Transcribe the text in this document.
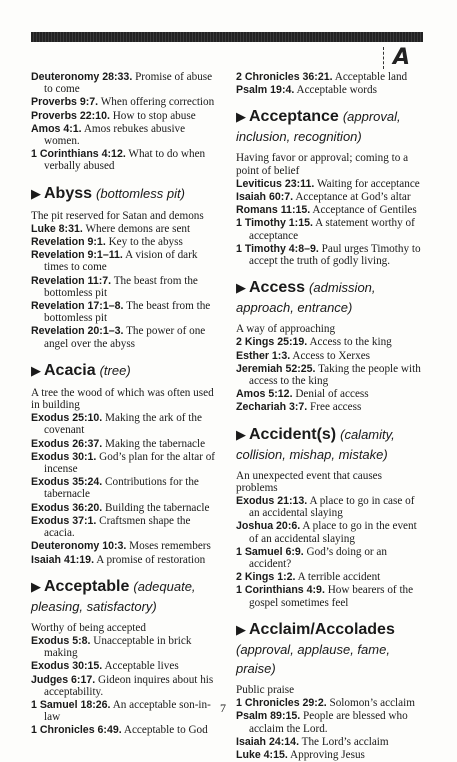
A
Deuteronomy 28:33. Promise of abuse to come
Proverbs 9:7. When offering correction
Proverbs 22:10. How to stop abuse
Amos 4:1. Amos rebukes abusive women.
1 Corinthians 4:12. What to do when verbally abused
▶ Abyss (bottomless pit)
The pit reserved for Satan and demons
Luke 8:31. Where demons are sent
Revelation 9:1. Key to the abyss
Revelation 9:1–11. A vision of dark times to come
Revelation 11:7. The beast from the bottomless pit
Revelation 17:1–8. The beast from the bottomless pit
Revelation 20:1–3. The power of one angel over the abyss
▶ Acacia (tree)
A tree the wood of which was often used in building
Exodus 25:10. Making the ark of the covenant
Exodus 26:37. Making the tabernacle
Exodus 30:1. God’s plan for the altar of incense
Exodus 35:24. Contributions for the tabernacle
Exodus 36:20. Building the tabernacle
Exodus 37:1. Craftsmen shape the acacia.
Deuteronomy 10:3. Moses remembers
Isaiah 41:19. A promise of restoration
▶ Acceptable (adequate, pleasing, satisfactory)
Worthy of being accepted
Exodus 5:8. Unacceptable in brick making
Exodus 30:15. Acceptable lives
Judges 6:17. Gideon inquires about his acceptability.
1 Samuel 18:26. An acceptable son-in-law
1 Chronicles 6:49. Acceptable to God
2 Chronicles 36:21. Acceptable land
Psalm 19:4. Acceptable words
▶ Acceptance (approval, inclusion, recognition)
Having favor or approval; coming to a point of belief
Leviticus 23:11. Waiting for acceptance
Isaiah 60:7. Acceptance at God’s altar
Romans 11:15. Acceptance of Gentiles
1 Timothy 1:15. A statement worthy of acceptance
1 Timothy 4:8–9. Paul urges Timothy to accept the truth of godly living.
▶ Access (admission, approach, entrance)
A way of approaching
2 Kings 25:19. Access to the king
Esther 1:3. Access to Xerxes
Jeremiah 52:25. Taking the people with access to the king
Amos 5:12. Denial of access
Zechariah 3:7. Free access
▶ Accident(s) (calamity, collision, mishap, mistake)
An unexpected event that causes problems
Exodus 21:13. A place to go in case of an accidental slaying
Joshua 20:6. A place to go in the event of an accidental slaying
1 Samuel 6:9. God’s doing or an accident?
2 Kings 1:2. A terrible accident
1 Corinthians 4:9. How bearers of the gospel sometimes feel
▶ Acclaim/Accolades (approval, applause, fame, praise)
Public praise
1 Chronicles 29:2. Solomon’s acclaim
Psalm 89:15. People are blessed who acclaim the Lord.
Isaiah 24:14. The Lord’s acclaim
Luke 4:15. Approving Jesus
7
